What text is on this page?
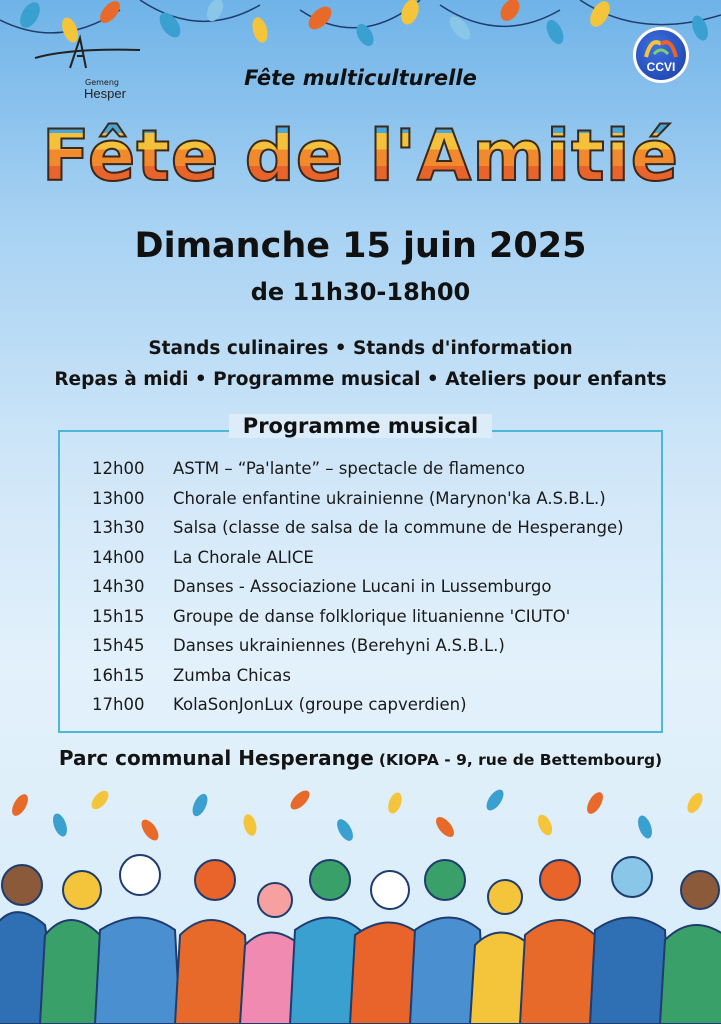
Gemeng
Hesper
CCVI
Fête multiculturelle
Fête de l'Amitié
Dimanche 15 juin 2025
de 11h30-18h00
Stands culinaires • Stands d'information
Repas à midi • Programme musical • Ateliers pour enfants
Programme musical
12h00	ASTM – “Pa'lante” – spectacle de flamenco
13h00	Chorale enfantine ukrainienne (Marynon'ka A.S.B.L.)
13h30	Salsa (classe de salsa de la commune de Hesperange)
14h00	La Chorale ALICE
14h30	Danses - Associazione Lucani in Lussemburgo
15h15	Groupe de danse folklorique lituanienne 'CIUTO'
15h45	Danses ukrainiennes (Berehyni A.S.B.L.)
16h15	Zumba Chicas
17h00	KolaSonJonLux (groupe capverdien)
Parc communal Hesperange (KIOPA - 9, rue de Bettembourg)
